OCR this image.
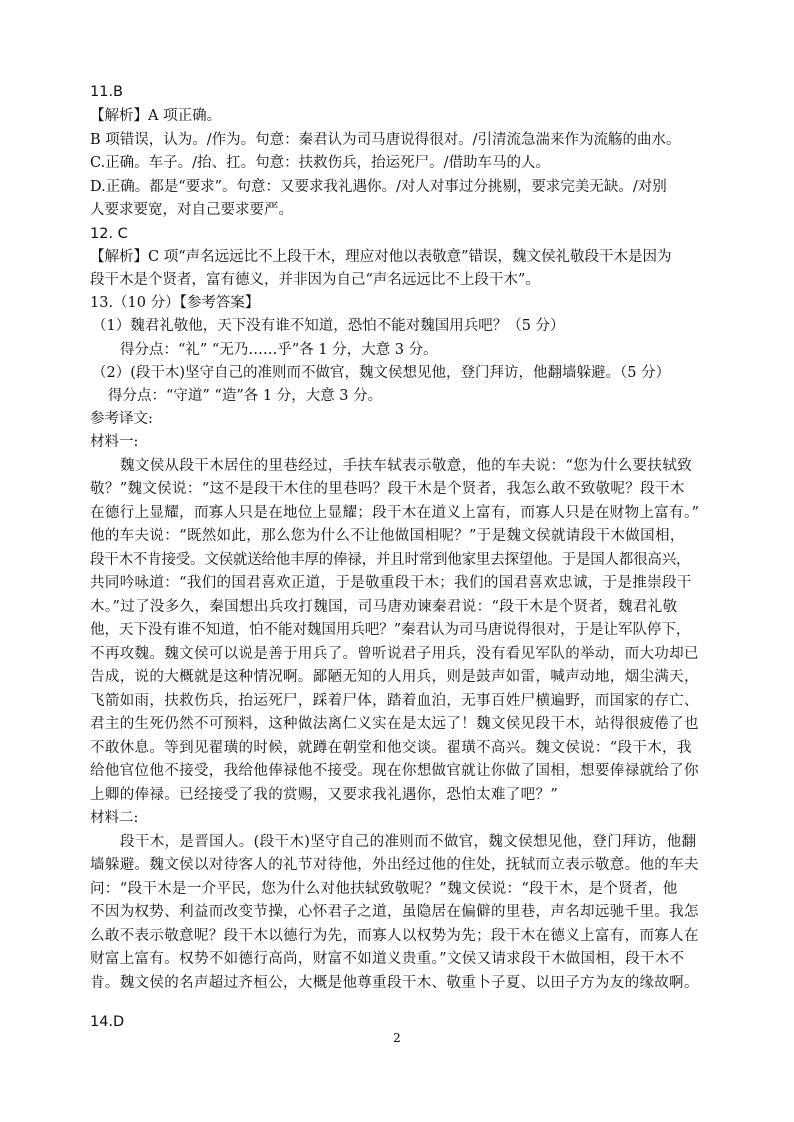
11.B
【解析】A 项正确。
B 项错误，认为。/作为。句意：秦君认为司马唐说得很对。/引清流急湍来作为流觞的曲水。
C.正确。车子。/抬、扛。句意：扶救伤兵，抬运死尸。/借助车马的人。
D.正确。都是“要求”。句意：又要求我礼遇你。/对人对事过分挑剔，要求完美无缺。/对别
人要求要宽，对自己要求要严。
12. C
【解析】C 项“声名远远比不上段干木，理应对他以表敬意”错误，魏文侯礼敬段干木是因为
段干木是个贤者，富有德义，并非因为自己“声名远远比不上段干木”。
13.（10 分）【参考答案】
（1）魏君礼敬他，天下没有谁不知道，恐怕不能对魏国用兵吧？（5 分）
得分点：“礼” “无乃……乎”各 1 分，大意 3 分。
（2）(段干木)坚守自己的准则而不做官，魏文侯想见他，登门拜访，他翻墙躲避。（5 分）
得分点：“守道” “造”各 1 分，大意 3 分。
参考译文:
材料一:
魏文侯从段干木居住的里巷经过，手扶车轼表示敬意，他的车夫说：“您为什么要扶轼致
敬？”魏文侯说：“这不是段干木住的里巷吗？段干木是个贤者，我怎么敢不致敬呢？段干木
在德行上显耀，而寡人只是在地位上显耀；段干木在道义上富有，而寡人只是在财物上富有。”
他的车夫说：“既然如此，那么您为什么不让他做国相呢？”于是魏文侯就请段干木做国相，
段干木不肯接受。文侯就送给他丰厚的俸禄，并且时常到他家里去探望他。于是国人都很高兴，
共同吟咏道：“我们的国君喜欢正道，于是敬重段干木；我们的国君喜欢忠诚，于是推崇段干
木。”过了没多久，秦国想出兵攻打魏国，司马唐劝谏秦君说：“段干木是个贤者，魏君礼敬
他，天下没有谁不知道，怕不能对魏国用兵吧？”秦君认为司马唐说得很对，于是让军队停下，
不再攻魏。魏文侯可以说是善于用兵了。曾听说君子用兵，没有看见军队的举动，而大功却已
告成，说的大概就是这种情况啊。鄙陋无知的人用兵，则是鼓声如雷，喊声动地，烟尘满天，
飞箭如雨，扶救伤兵，抬运死尸，踩着尸体，踏着血泊，无事百姓尸横遍野，而国家的存亡、
君主的生死仍然不可预料，这种做法离仁义实在是太远了！魏文侯见段干木，站得很疲倦了也
不敢休息。等到见翟璜的时候，就蹲在朝堂和他交谈。翟璜不高兴。魏文侯说：“段干木，我
给他官位他不接受，我给他俸禄他不接受。现在你想做官就让你做了国相，想要俸禄就给了你
上卿的俸禄。已经接受了我的赏赐，又要求我礼遇你，恐怕太难了吧？”
材料二:
段干木，是晋国人。(段干木)坚守自己的准则而不做官，魏文侯想见他，登门拜访，他翻
墙躲避。魏文侯以对待客人的礼节对待他，外出经过他的住处，抚轼而立表示敬意。他的车夫
问：“段干木是一介平民，您为什么对他扶轼致敬呢？”魏文侯说：“段干木，是个贤者，他
不因为权势、利益而改变节操，心怀君子之道，虽隐居在偏僻的里巷，声名却远驰千里。我怎
么敢不表示敬意呢？段干木以德行为先，而寡人以权势为先；段干木在德义上富有，而寡人在
财富上富有。权势不如德行高尚，财富不如道义贵重。”文侯又请求段干木做国相，段干木不
肯。魏文侯的名声超过齐桓公，大概是他尊重段干木、敬重卜子夏、以田子方为友的缘故啊。
14.D
2
